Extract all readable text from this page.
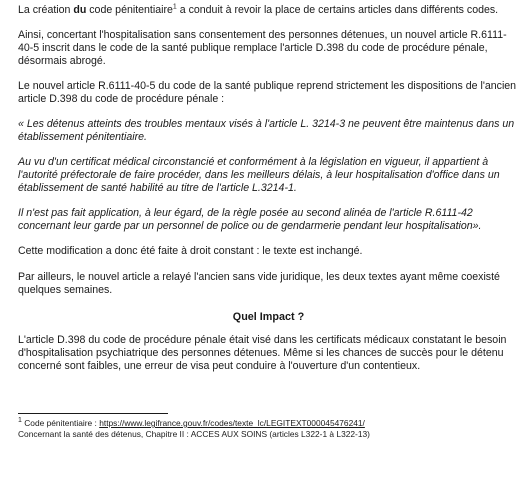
La création du code pénitentiaire$^1$ a conduit à revoir la place de certains articles dans différents codes.

Ainsi, concertant l'hospitalisation sans consentement des personnes détenues, un nouvel article R.6111-40-5 inscrit dans le code de la santé publique remplace l'article D.398 du code de procédure pénale, désormais abrogé.

Le nouvel article R.6111-40-5 du code de la santé publique reprend strictement les dispositions de l'ancien article D.398 du code de procédure pénale :

« Les détenus atteints des troubles mentaux visés à l'article L. 3214-3 ne peuvent être maintenus dans un établissement pénitentiaire.

Au vu d'un certificat médical circonstancié et conformément à la législation en vigueur, il appartient à l'autorité préfectorale de faire procéder, dans les meilleurs délais, à leur hospitalisation d'office dans un établissement de santé habilité au titre de l'article L.3214-1.

Il n'est pas fait application, à leur égard, de la règle posée au second alinéa de l'article R.6111-42 concernant leur garde par un personnel de police ou de gendarmerie pendant leur hospitalisation».

Cette modification a donc été faite à droit constant : le texte est inchangé.

Par ailleurs, le nouvel article a relayé l'ancien sans vide juridique, les deux textes ayant même coexisté quelques semaines.

Quel Impact ?

L'article D.398 du code de procédure pénale était visé dans les certificats médicaux constatant le besoin d'hospitalisation psychiatrique des personnes détenues. Même si les chances de succès pour le détenu concerné sont faibles, une erreur de visa peut conduire à l'ouverture d'un contentieux.

$^1$ Code pénitentiaire : https://www.legifrance.gouv.fr/codes/texte_lc/LEGITEXT000045476241/

Concernant la santé des détenus, Chapitre II : ACCES AUX SOINS (articles L322-1 à L322-13)
